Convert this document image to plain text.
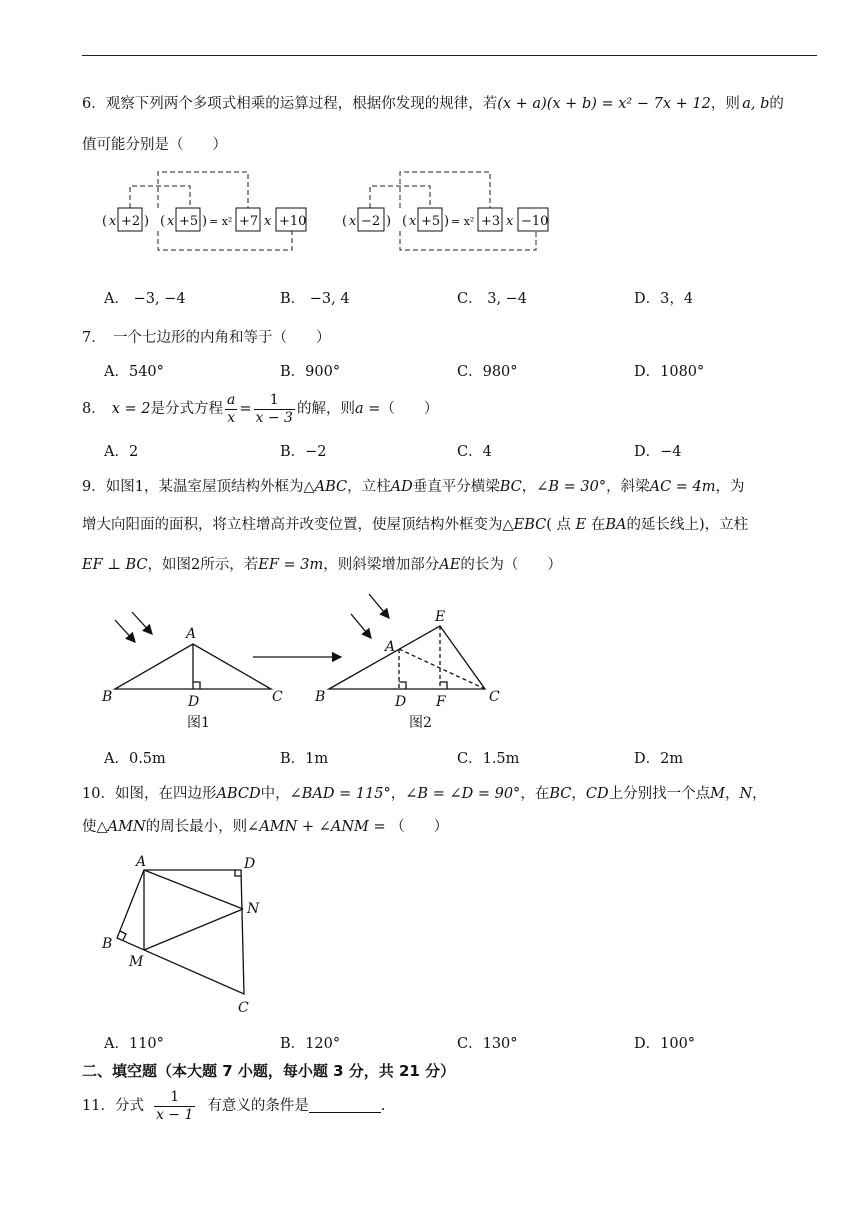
6．观察下列两个多项式相乘的运算过程，根据你发现的规律，若(x + a)(x + b) = x² − 7x + 12，则  a, b的
值可能分别是（　　）
( x +2 ) ( x +5 ) = x² +7 x +10	( x −2 ) ( x +5 ) = x² +3 x −10
A． −3, −4	B． −3, 4	C． 3, −4	D．3，4
7．　一个七边形的内角和等于（　　）
A．540°	B．900°	C．980°	D．1080°
8． x = 2 是分式方程 $\frac{a}{x} = \frac{1}{x - 3}$ 的解，则 a = （　　）
A．2	B．−2	C．4	D．−4
9．如图1，某温室屋顶结构外框为△ABC，立柱AD垂直平分横梁BC，∠B = 30°，斜梁AC = 4m，为
增大向阳面的面积，将立柱增高并改变位置，使屋顶结构外框变为△EBC( 点 E 在BA的延长线上)，立柱
EF ⊥ BC，如图2所示，若EF = 3m，则斜梁增加部分AE的长为（　　）
A
B	D	C
图1
A
E
B	D F	C
图2
A．0.5m	B．1m	C．1.5m	D．2m
10．如图，在四边形ABCD中，∠BAD = 115°，∠B = ∠D = 90°，在BC，CD上分别找一个点M，N，
使△AMN的周长最小，则∠AMN + ∠ANM = （　　）
A	D
N
B
M
C
A．110°	B．120°	C．130°	D．100°
二、填空题（本大题 7 小题，每小题 3 分，共 21 分）
11．分式 $\frac{1}{x - 1}$ 有意义的条件是	.
